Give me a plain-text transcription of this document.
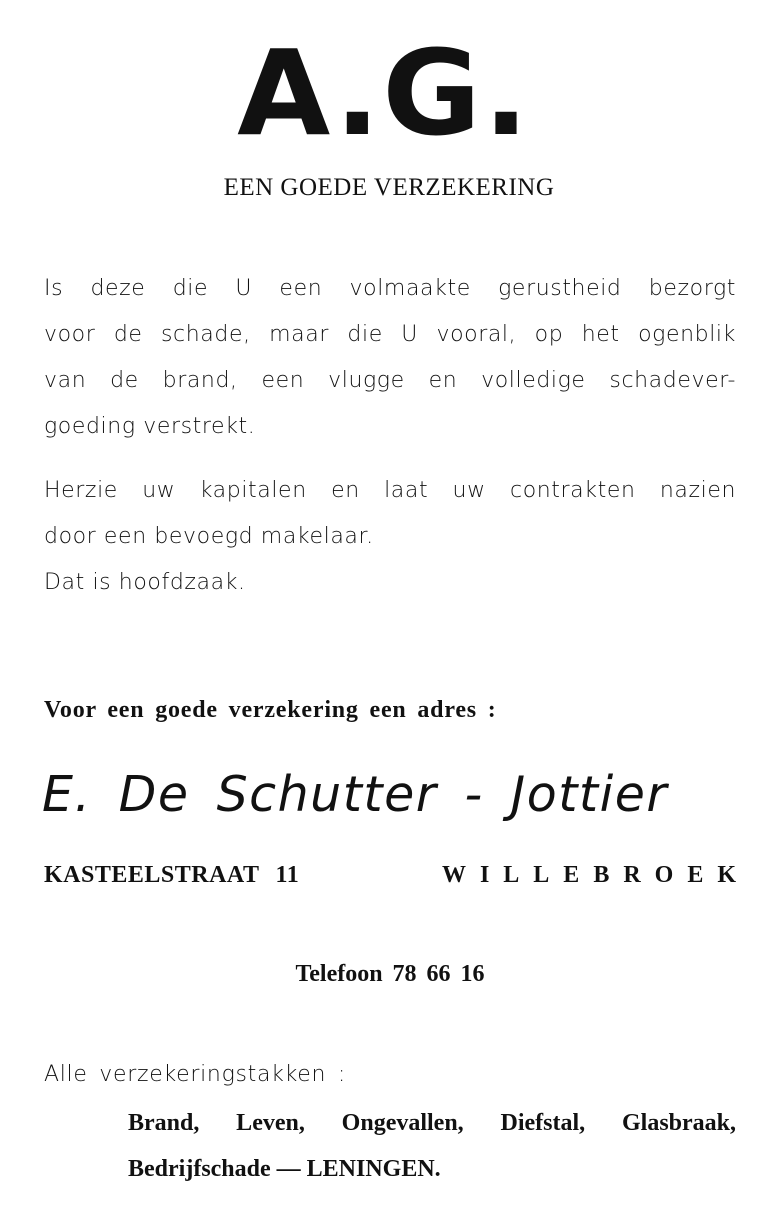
A.G.
EEN GOEDE VERZEKERING
Is deze die U een volmaakte gerustheid bezorgt
voor de schade, maar die U vooral, op het ogenblik
van de brand, een vlugge en volledige schadever-
goeding verstrekt.
Herzie uw kapitalen en laat uw contrakten nazien
door een bevoegd makelaar.
Dat is hoofdzaak.
Voor een goede verzekering een adres :
E. De Schutter - Jottier
KASTEELSTRAAT 11	WILLEBROEK
Telefoon 78 66 16
Alle verzekeringstakken :
Brand, Leven, Ongevallen, Diefstal, Glasbraak,
Bedrijfschade — LENINGEN.
